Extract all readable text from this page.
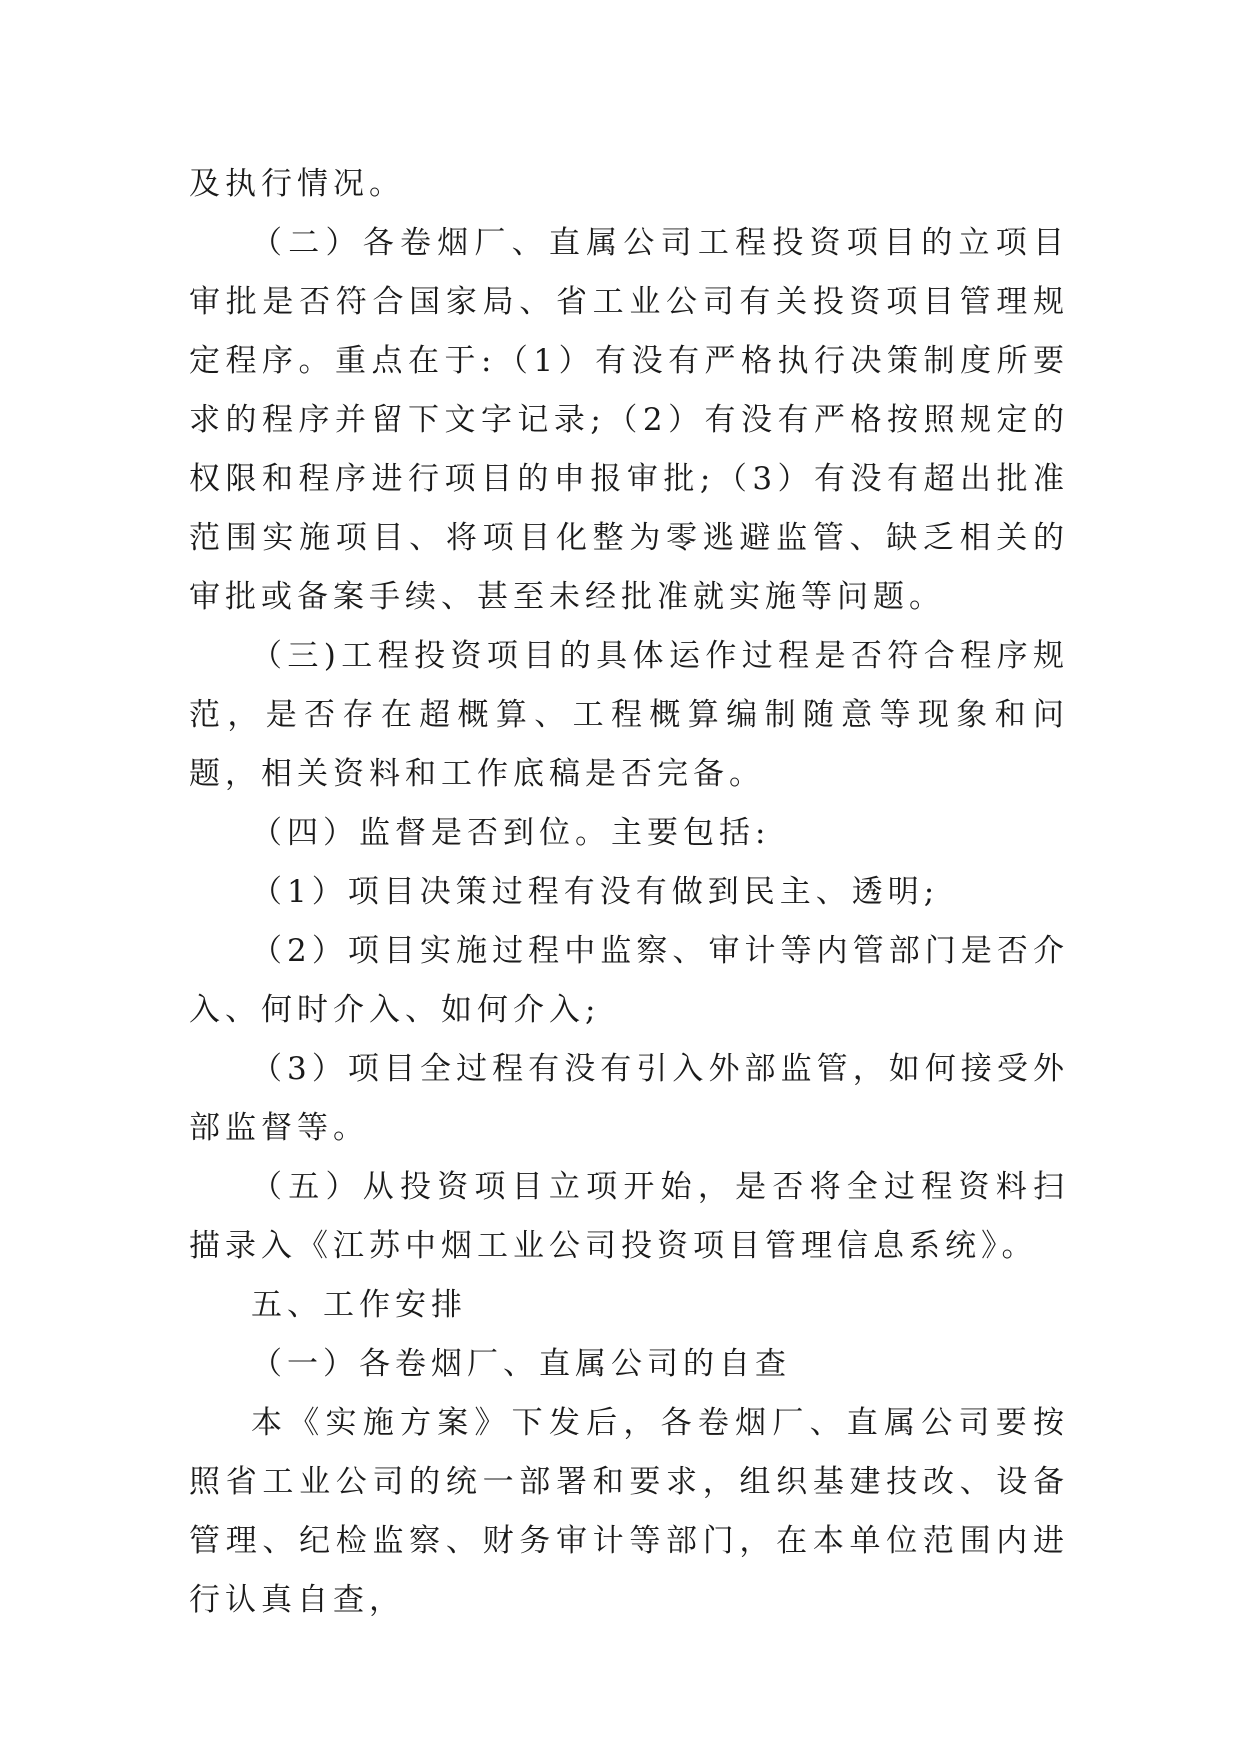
及执行情况。

（二）各卷烟厂、直属公司工程投资项目的立项目审批是否符合国家局、省工业公司有关投资项目管理规定程序。重点在于:（1）有没有严格执行决策制度所要求的程序并留下文字记录;（2）有没有严格按照规定的权限和程序进行项目的申报审批;（3）有没有超出批准范围实施项目、将项目化整为零逃避监管、缺乏相关的审批或备案手续、甚至未经批准就实施等问题。

（三)工程投资项目的具体运作过程是否符合程序规范，是否存在超概算、工程概算编制随意等现象和问题，相关资料和工作底稿是否完备。

（四）监督是否到位。主要包括:

（1）项目决策过程有没有做到民主、透明;

（2）项目实施过程中监察、审计等内管部门是否介入、何时介入、如何介入;

（3）项目全过程有没有引入外部监管，如何接受外部监督等。

（五）从投资项目立项开始，是否将全过程资料扫描录入《江苏中烟工业公司投资项目管理信息系统》。

五、工作安排

（一）各卷烟厂、直属公司的自查

本《实施方案》下发后，各卷烟厂、直属公司要按照省工业公司的统一部署和要求，组织基建技改、设备管理、纪检监察、财务审计等部门，在本单位范围内进行认真自查，
